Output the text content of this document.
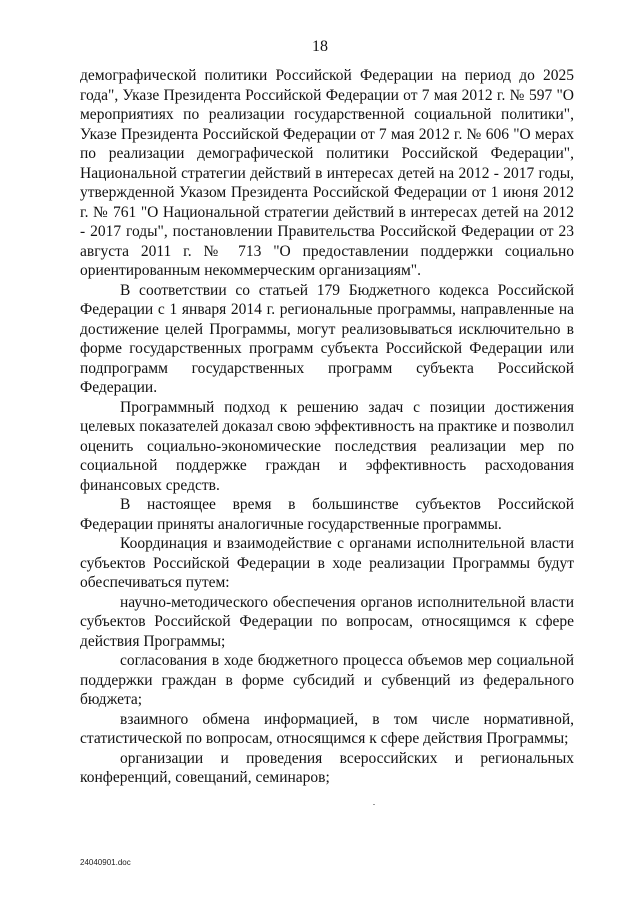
18

демографической политики Российской Федерации на период до 2025 года", Указе Президента Российской Федерации от 7 мая 2012 г. № 597 "О мероприятиях по реализации государственной социальной политики", Указе Президента Российской Федерации от 7 мая 2012 г. № 606 "О мерах по реализации демографической политики Российской Федерации", Национальной стратегии действий в интересах детей на 2012 - 2017 годы, утвержденной Указом Президента Российской Федерации от 1 июня 2012 г. № 761 "О Национальной стратегии действий в интересах детей на 2012 - 2017 годы", постановлении Правительства Российской Федерации от 23 августа 2011 г. № 713 "О предоставлении поддержки социально ориентированным некоммерческим организациям".

В соответствии со статьей 179 Бюджетного кодекса Российской Федерации с 1 января 2014 г. региональные программы, направленные на достижение целей Программы, могут реализовываться исключительно в форме государственных программ субъекта Российской Федерации или подпрограмм государственных программ субъекта Российской Федерации.

Программный подход к решению задач с позиции достижения целевых показателей доказал свою эффективность на практике и позволил оценить социально-экономические последствия реализации мер по социальной поддержке граждан и эффективность расходования финансовых средств.

В настоящее время в большинстве субъектов Российской Федерации приняты аналогичные государственные программы.

Координация и взаимодействие с органами исполнительной власти субъектов Российской Федерации в ходе реализации Программы будут обеспечиваться путем:

научно-методического обеспечения органов исполнительной власти субъектов Российской Федерации по вопросам, относящимся к сфере действия Программы;

согласования в ходе бюджетного процесса объемов мер социальной поддержки граждан в форме субсидий и субвенций из федерального бюджета;

взаимного обмена информацией, в том числе нормативной, статистической по вопросам, относящимся к сфере действия Программы;

организации и проведения всероссийских и региональных конференций, совещаний, семинаров;

24040901.doc
